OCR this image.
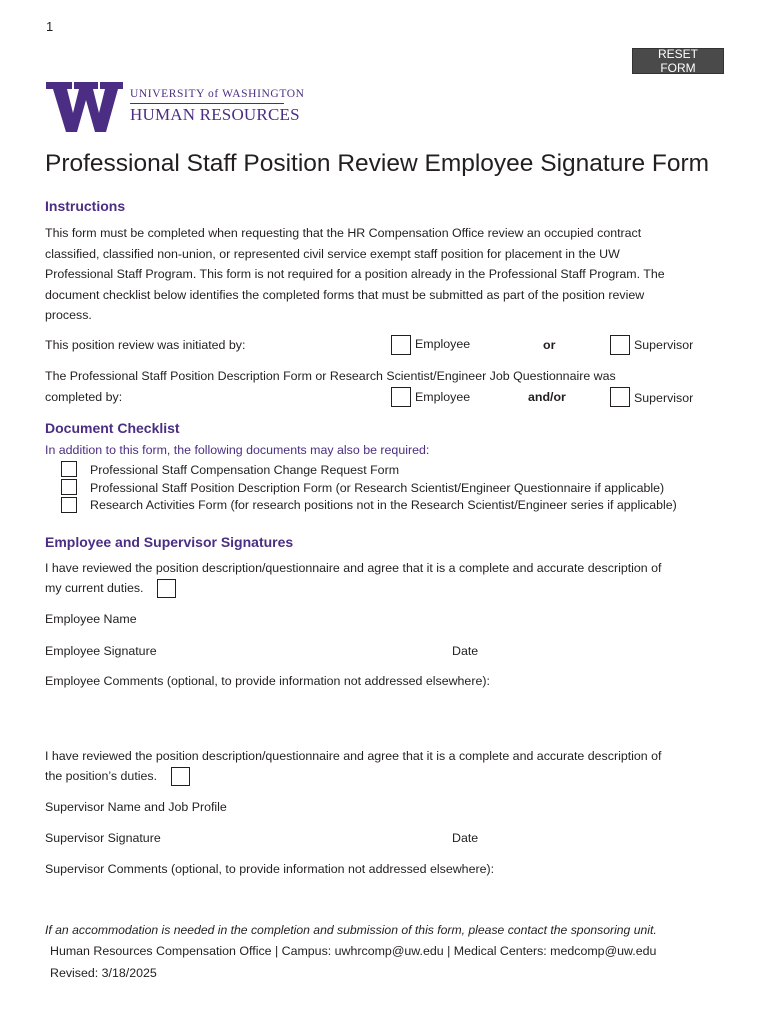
1
RESET FORM
UNIVERSITY of WASHINGTON
HUMAN RESOURCES
Professional Staff Position Review Employee Signature Form
Instructions
This form must be completed when requesting that the HR Compensation Office review an occupied contract
classified, classified non-union, or represented civil service exempt staff position for placement in the UW
Professional Staff Program. This form is not required for a position already in the Professional Staff Program. The
document checklist below identifies the completed forms that must be submitted as part of the position review
process.
This position review was initiated by:	Employee	or	Supervisor
The Professional Staff Position Description Form or Research Scientist/Engineer Job Questionnaire was
completed by:	Employee	and/or	Supervisor
Document Checklist
In addition to this form, the following documents may also be required:
Professional Staff Compensation Change Request Form
Professional Staff Position Description Form (or Research Scientist/Engineer Questionnaire if applicable)
Research Activities Form (for research positions not in the Research Scientist/Engineer series if applicable)
Employee and Supervisor Signatures
I have reviewed the position description/questionnaire and agree that it is a complete and accurate description of
my current duties.
Employee Name
Employee Signature	Date
Employee Comments (optional, to provide information not addressed elsewhere):
I have reviewed the position description/questionnaire and agree that it is a complete and accurate description of
the position’s duties.
Supervisor Name and Job Profile
Supervisor Signature	Date
Supervisor Comments (optional, to provide information not addressed elsewhere):
If an accommodation is needed in the completion and submission of this form, please contact the sponsoring unit.
Human Resources Compensation Office | Campus: uwhrcomp@uw.edu | Medical Centers: medcomp@uw.edu
Revised: 3/18/2025
